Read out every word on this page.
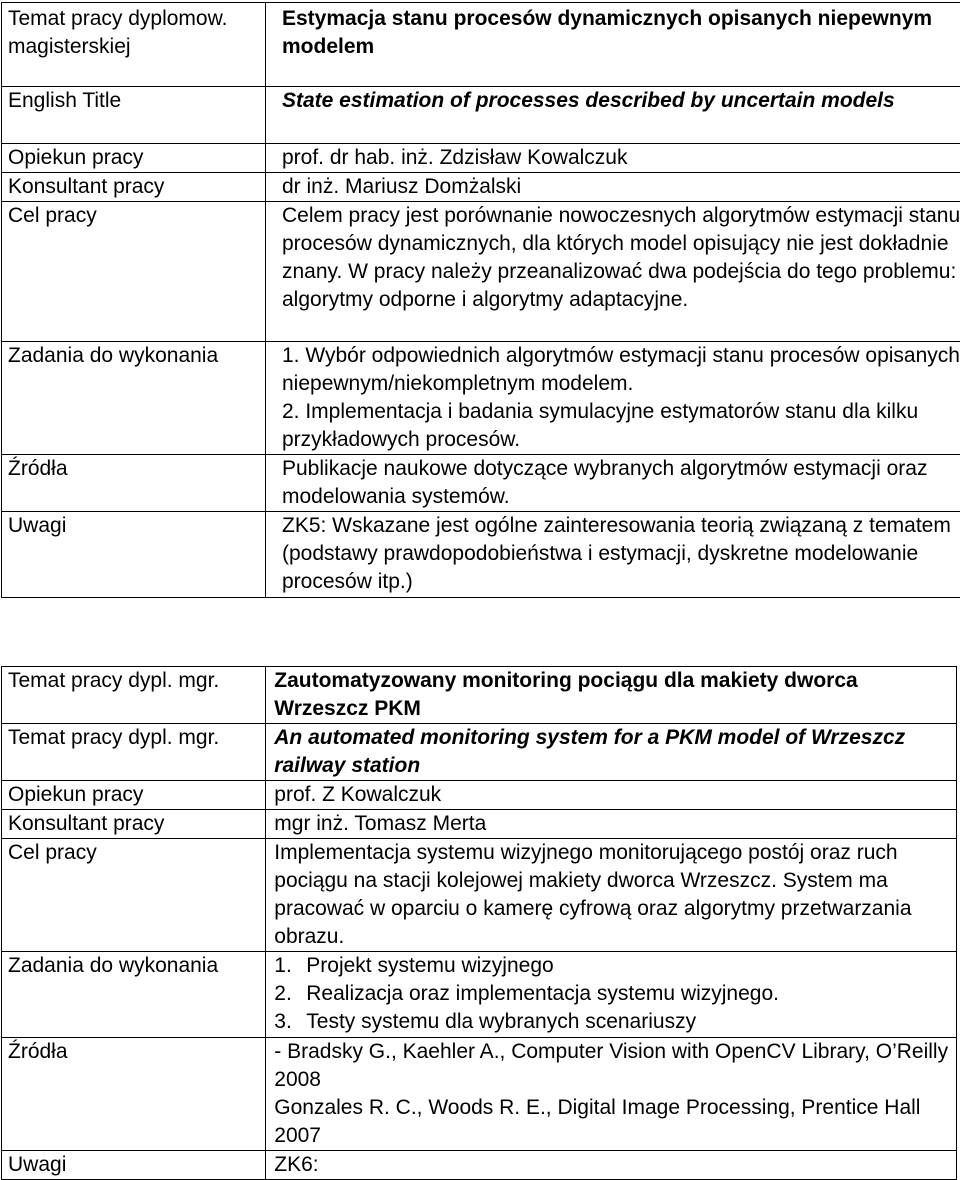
Temat pracy dyplomow. magisterskiej	Estymacja stanu procesów dynamicznych opisanych niepewnym modelem
English Title	State estimation of processes described by uncertain models
Opiekun pracy	prof. dr hab. inż. Zdzisław Kowalczuk
Konsultant pracy	dr inż. Mariusz Domżalski
Cel pracy	Celem pracy jest porównanie nowoczesnych algorytmów estymacji stanu procesów dynamicznych, dla których model opisujący nie jest dokładnie znany. W pracy należy przeanalizować dwa podejścia do tego problemu: algorytmy odporne i algorytmy adaptacyjne.
Zadania do wykonania	1. Wybór odpowiednich algorytmów estymacji stanu procesów opisanych niepewnym/niekompletnym modelem.
2. Implementacja i badania symulacyjne estymatorów stanu dla kilku przykładowych procesów.

Źródła	Publikacje naukowe dotyczące wybranych algorytmów estymacji oraz modelowania systemów.
Uwagi	ZK5: Wskazane jest ogólne zainteresowania teorią związaną z tematem (podstawy prawdopodobieństwa i estymacji, dyskretne modelowanie procesów itp.)
Temat pracy dypl. mgr.	Zautomatyzowany monitoring pociągu dla makiety dworca Wrzeszcz PKM
Temat pracy dypl. mgr.	An automated monitoring system for a PKM model of Wrzeszcz railway station
Opiekun pracy	prof. Z Kowalczuk
Konsultant pracy	mgr inż. Tomasz Merta
Cel pracy	Implementacja systemu wizyjnego monitorującego postój oraz ruch pociągu na stacji kolejowej makiety dworca Wrzeszcz. System ma pracować w oparciu o kamerę cyfrową oraz algorytmy przetwarzania obrazu.
Zadania do wykonania	1. Projekt systemu wizyjnego
2. Realizacja oraz implementacja systemu wizyjnego.
3. Testy systemu dla wybranych scenariuszy

Źródła	- Bradsky G., Kaehler A., Computer Vision with OpenCV Library, O’Reilly 2008
Gonzales R. C., Woods R. E., Digital Image Processing, Prentice Hall 2007

Uwagi	ZK6:
